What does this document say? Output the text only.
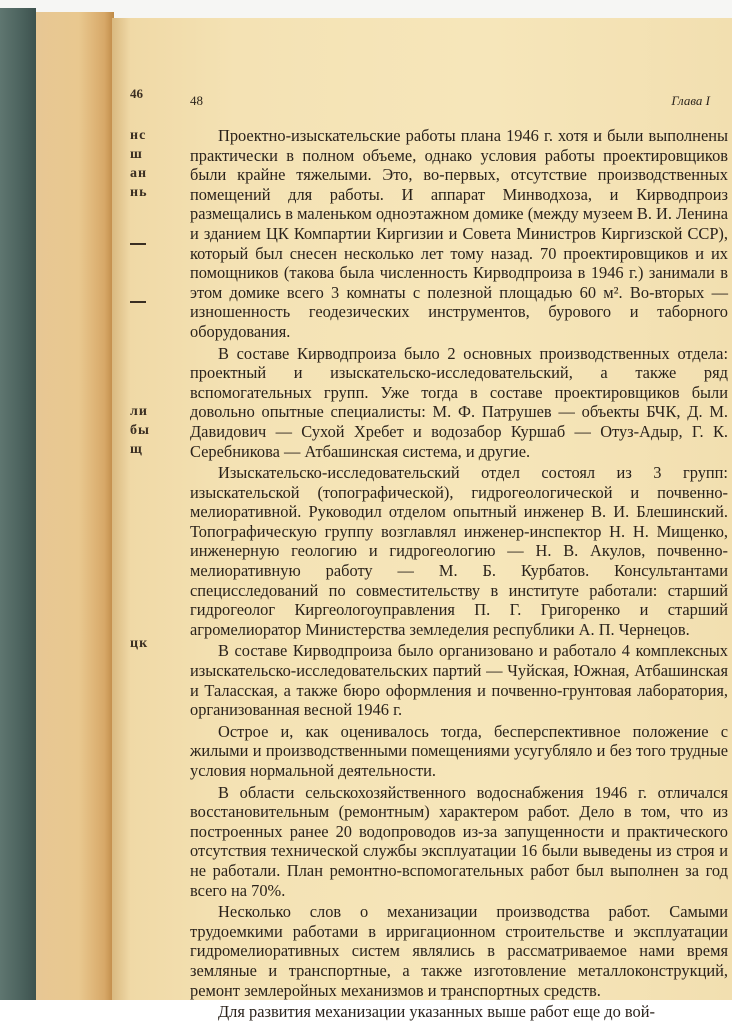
46
нс
ш
ан
нь
ли
бы
щ
цк
48	Глава I

Проектно-изыскательские работы плана 1946 г. хотя и были выполнены практически в полном объеме, однако условия работы проектировщиков были крайне тяжелыми. Это, во-первых, отсутствие производственных помещений для работы. И аппарат Минводхоза, и Кирводпроиз размещались в маленьком одноэтажном домике (между музеем В. И. Ленина и зданием ЦК Компартии Киргизии и Совета Министров Киргизской ССР), который был снесен несколько лет тому назад. 70 проектировщиков и их помощников (такова была численность Кирводпроиза в 1946 г.) занимали в этом домике всего 3 комнаты с полезной площадью 60 м². Во-вторых — изношенность геодезических инструментов, бурового и таборного оборудования.

В составе Кирводпроиза было 2 основных производственных отдела: проектный и изыскательско-исследовательский, а также ряд вспомогательных групп. Уже тогда в составе проектировщиков были довольно опытные специалисты: М. Ф. Патрушев — объекты БЧК, Д. М. Давидович — Сухой Хребет и водозабор Куршаб — Отуз-Адыр, Г. К. Серебникова — Атбашинская система, и другие.

Изыскательско-исследовательский отдел состоял из 3 групп: изыскательской (топографической), гидрогеологической и почвенно-мелиоративной. Руководил отделом опытный инженер В. И. Блешинский. Топографическую группу возглавлял инженер-инспектор Н. Н. Мищенко, инженерную геологию и гидрогеологию — Н. В. Акулов, почвенно-мелиоративную работу — М. Б. Курбатов. Консультантами специсследований по совместительству в институте работали: старший гидрогеолог Киргеологоуправления П. Г. Григоренко и старший агромелиоратор Министерства земледелия республики А. П. Чернецов.

В составе Кирводпроиза было организовано и работало 4 комплексных изыскательско-исследовательских партий — Чуйская, Южная, Атбашинская и Таласская, а также бюро оформления и почвенно-грунтовая лаборатория, организованная весной 1946 г.

Острое и, как оценивалось тогда, бесперспективное положение с жилыми и производственными помещениями усугубляло и без того трудные условия нормальной деятельности.

В области сельскохозяйственного водоснабжения 1946 г. отличался восстановительным (ремонтным) характером работ. Дело в том, что из построенных ранее 20 водопроводов из-за запущенности и практического отсутствия технической службы эксплуатации 16 были выведены из строя и не работали. План ремонтно-вспомогательных работ был выполнен за год всего на 70%.

Несколько слов о механизации производства работ. Самыми трудоемкими работами в ирригационном строительстве и эксплуатации гидромелиоративных систем являлись в рассматриваемое нами время земляные и транспортные, а также изготовление металлоконструкций, ремонт землеройных механизмов и транспортных средств.

Для развития механизации указанных выше работ еще до вой-
